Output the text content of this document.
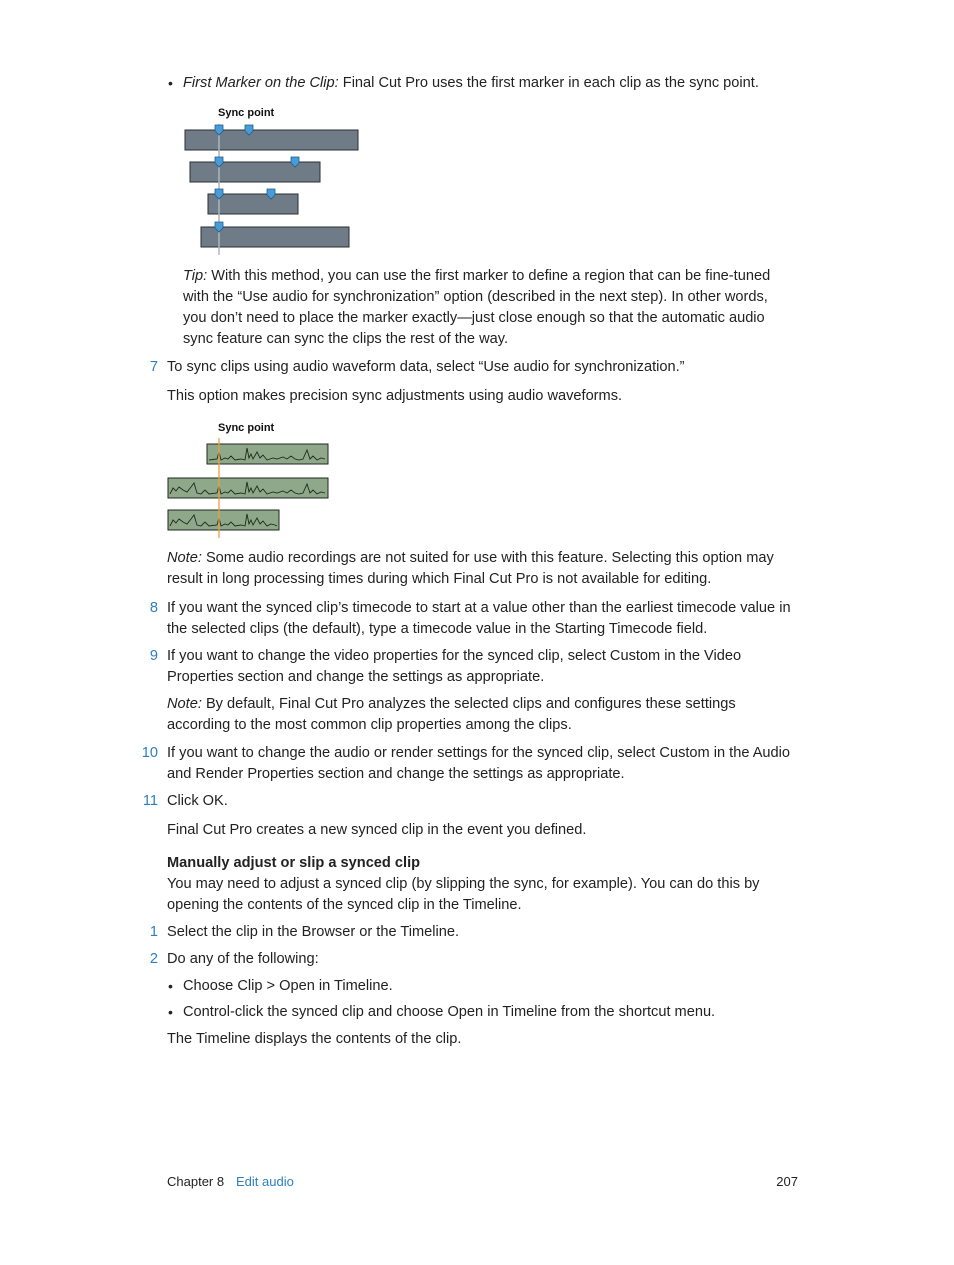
• First Marker on the Clip: Final Cut Pro uses the first marker in each clip as the sync point.
Sync point
Tip: With this method, you can use the first marker to define a region that can be fine-tuned with the “Use audio for synchronization” option (described in the next step). In other words, you don’t need to place the marker exactly—just close enough so that the automatic audio sync feature can sync the clips the rest of the way.
7 To sync clips using audio waveform data, select “Use audio for synchronization.”
This option makes precision sync adjustments using audio waveforms.
Sync point
Note: Some audio recordings are not suited for use with this feature. Selecting this option may result in long processing times during which Final Cut Pro is not available for editing.
8 If you want the synced clip’s timecode to start at a value other than the earliest timecode value in the selected clips (the default), type a timecode value in the Starting Timecode field.
9 If you want to change the video properties for the synced clip, select Custom in the Video Properties section and change the settings as appropriate.
Note: By default, Final Cut Pro analyzes the selected clips and configures these settings according to the most common clip properties among the clips.
10 If you want to change the audio or render settings for the synced clip, select Custom in the Audio and Render Properties section and change the settings as appropriate.
11 Click OK.
Final Cut Pro creates a new synced clip in the event you defined.
Manually adjust or slip a synced clip
You may need to adjust a synced clip (by slipping the sync, for example). You can do this by opening the contents of the synced clip in the Timeline.
1 Select the clip in the Browser or the Timeline.
2 Do any of the following:
• Choose Clip > Open in Timeline.
• Control-click the synced clip and choose Open in Timeline from the shortcut menu.
The Timeline displays the contents of the clip.
Chapter 8 Edit audio	207
